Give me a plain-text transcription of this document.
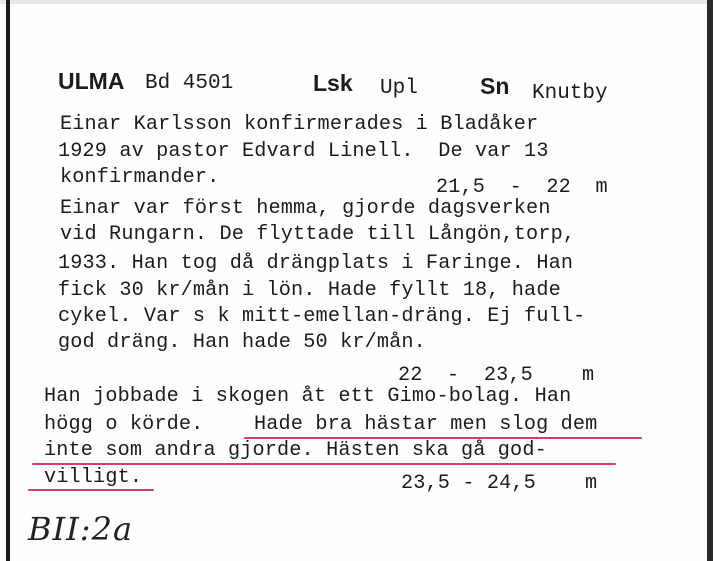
ULMA Bd 4501	Lsk Upl	Sn Knutby
Einar Karlsson konfirmerades i Bladåker
1929 av pastor Edvard Linell.  De var 13
konfirmander.	21,5  -  22  m
Einar var först hemma, gjorde dagsverken
vid Rungarn. De flyttade till Långön,torp,
1933. Han tog då drängplats i Faringe. Han
fick 30 kr/mån i lön. Hade fyllt 18, hade
cykel. Var s k mitt-emellan-dräng. Ej full-
god dräng. Han hade 50 kr/mån.
22  -  23,5    m
Han jobbade i skogen åt ett Gimo-bolag. Han
högg o körde.	Hade bra hästar men slog dem
inte som andra gjorde. Hästen ska gå god-
villigt.	23,5 - 24,5    m
BII:2a
